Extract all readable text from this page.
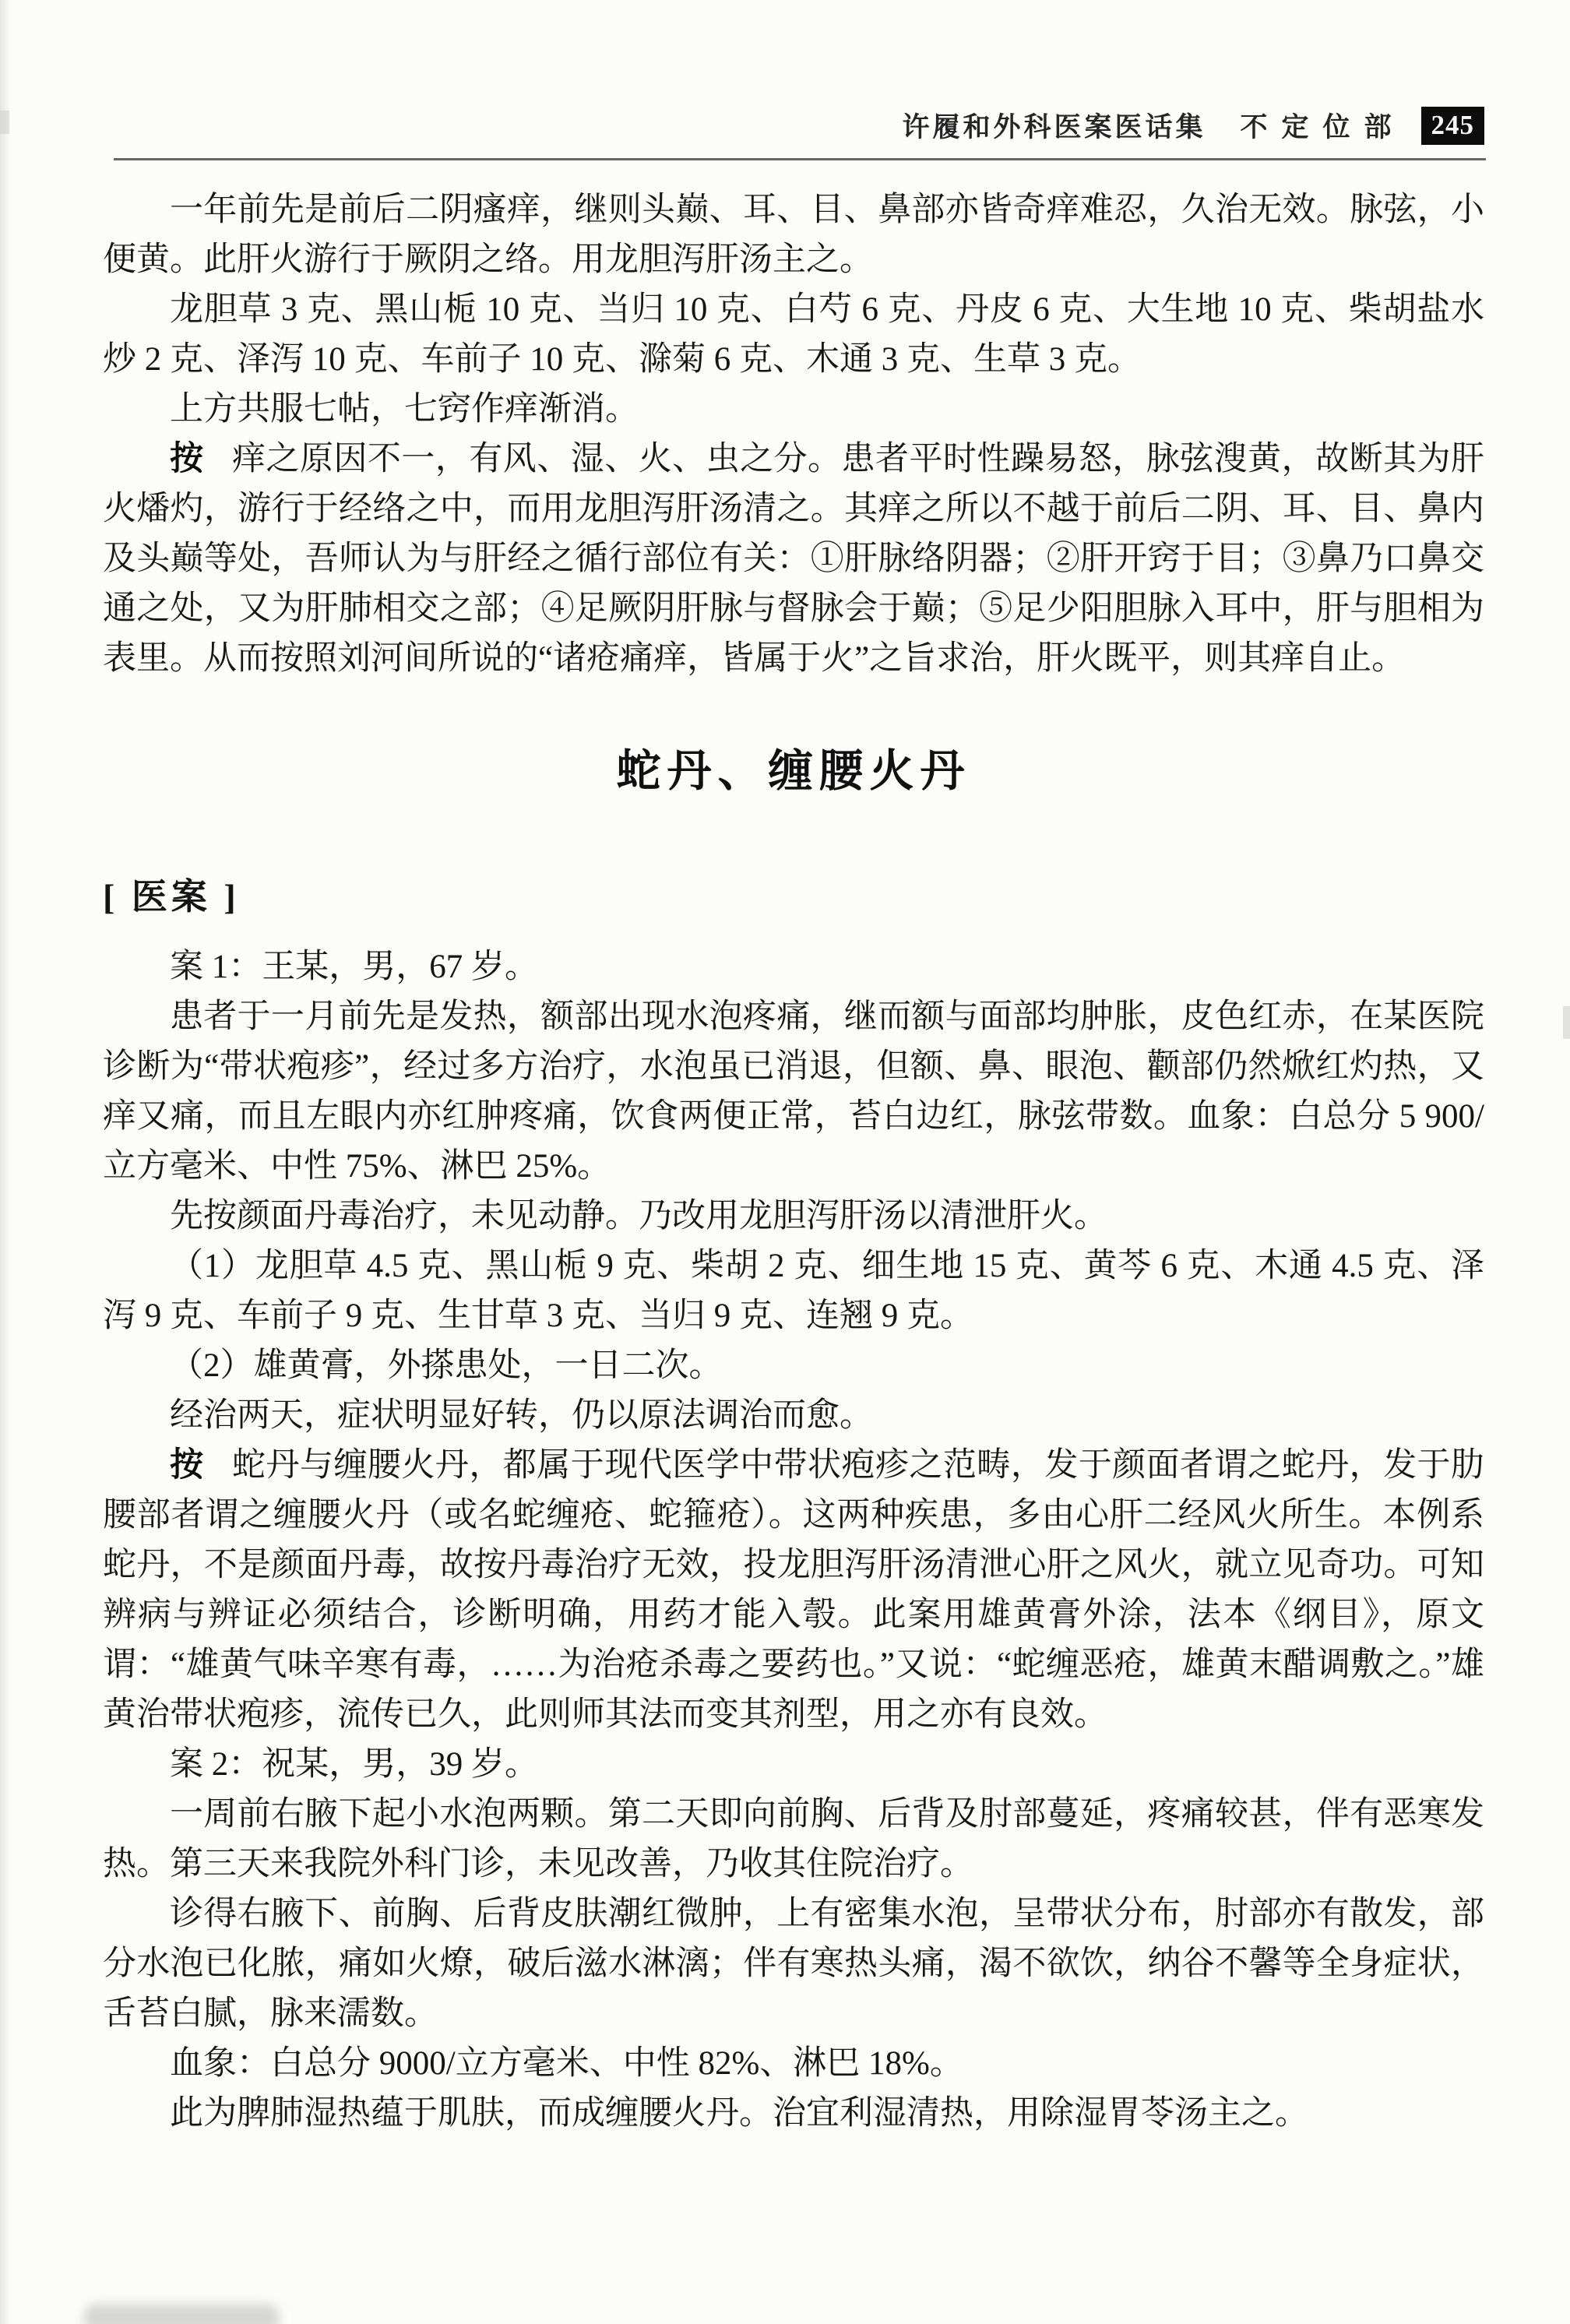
许履和外科医案医话集 不定位部 245

一年前先是前后二阴瘙痒，继则头巅、耳、目、鼻部亦皆奇痒难忍，久治无效。脉弦，小便黄。此肝火游行于厥阴之络。用龙胆泻肝汤主之。

龙胆草 3 克、黑山栀 10 克、当归 10 克、白芍 6 克、丹皮 6 克、大生地 10 克、柴胡盐水炒 2 克、泽泻 10 克、车前子 10 克、滁菊 6 克、木通 3 克、生草 3 克。

上方共服七帖，七窍作痒渐消。

按 痒之原因不一，有风、湿、火、虫之分。患者平时性躁易怒，脉弦溲黄，故断其为肝火燔灼，游行于经络之中，而用龙胆泻肝汤清之。其痒之所以不越于前后二阴、耳、目、鼻内及头巅等处，吾师认为与肝经之循行部位有关：①肝脉络阴器；②肝开窍于目；③鼻乃口鼻交通之处，又为肝肺相交之部；④足厥阴肝脉与督脉会于巅；⑤足少阳胆脉入耳中，肝与胆相为表里。从而按照刘河间所说的“诸疮痛痒，皆属于火”之旨求治，肝火既平，则其痒自止。

蛇丹、缠腰火丹

[ 医案 ]

案 1：王某，男，67 岁。

患者于一月前先是发热，额部出现水泡疼痛，继而额与面部均肿胀，皮色红赤，在某医院诊断为“带状疱疹”，经过多方治疗，水泡虽已消退，但额、鼻、眼泡、颧部仍然焮红灼热，又痒又痛，而且左眼内亦红肿疼痛，饮食两便正常，苔白边红，脉弦带数。血象：白总分 5 900/立方毫米、中性 75%、淋巴 25%。

先按颜面丹毒治疗，未见动静。乃改用龙胆泻肝汤以清泄肝火。

（1）龙胆草 4.5 克、黑山栀 9 克、柴胡 2 克、细生地 15 克、黄芩 6 克、木通 4.5 克、泽泻 9 克、车前子 9 克、生甘草 3 克、当归 9 克、连翘 9 克。

（2）雄黄膏，外搽患处，一日二次。

经治两天，症状明显好转，仍以原法调治而愈。

按 蛇丹与缠腰火丹，都属于现代医学中带状疱疹之范畴，发于颜面者谓之蛇丹，发于肋腰部者谓之缠腰火丹（或名蛇缠疮、蛇箍疮）。这两种疾患，多由心肝二经风火所生。本例系蛇丹，不是颜面丹毒，故按丹毒治疗无效，投龙胆泻肝汤清泄心肝之风火，就立见奇功。可知辨病与辨证必须结合，诊断明确，用药才能入彀。此案用雄黄膏外涂，法本《纲目》，原文谓：“雄黄气味辛寒有毒，……为治疮杀毒之要药也。”又说：“蛇缠恶疮，雄黄末醋调敷之。”雄黄治带状疱疹，流传已久，此则师其法而变其剂型，用之亦有良效。

案 2：祝某，男，39 岁。

一周前右腋下起小水泡两颗。第二天即向前胸、后背及肘部蔓延，疼痛较甚，伴有恶寒发热。第三天来我院外科门诊，未见改善，乃收其住院治疗。

诊得右腋下、前胸、后背皮肤潮红微肿，上有密集水泡，呈带状分布，肘部亦有散发，部分水泡已化脓，痛如火燎，破后滋水淋漓；伴有寒热头痛，渴不欲饮，纳谷不馨等全身症状，舌苔白腻，脉来濡数。

血象：白总分 9000/立方毫米、中性 82%、淋巴 18%。

此为脾肺湿热蕴于肌肤，而成缠腰火丹。治宜利湿清热，用除湿胃苓汤主之。
